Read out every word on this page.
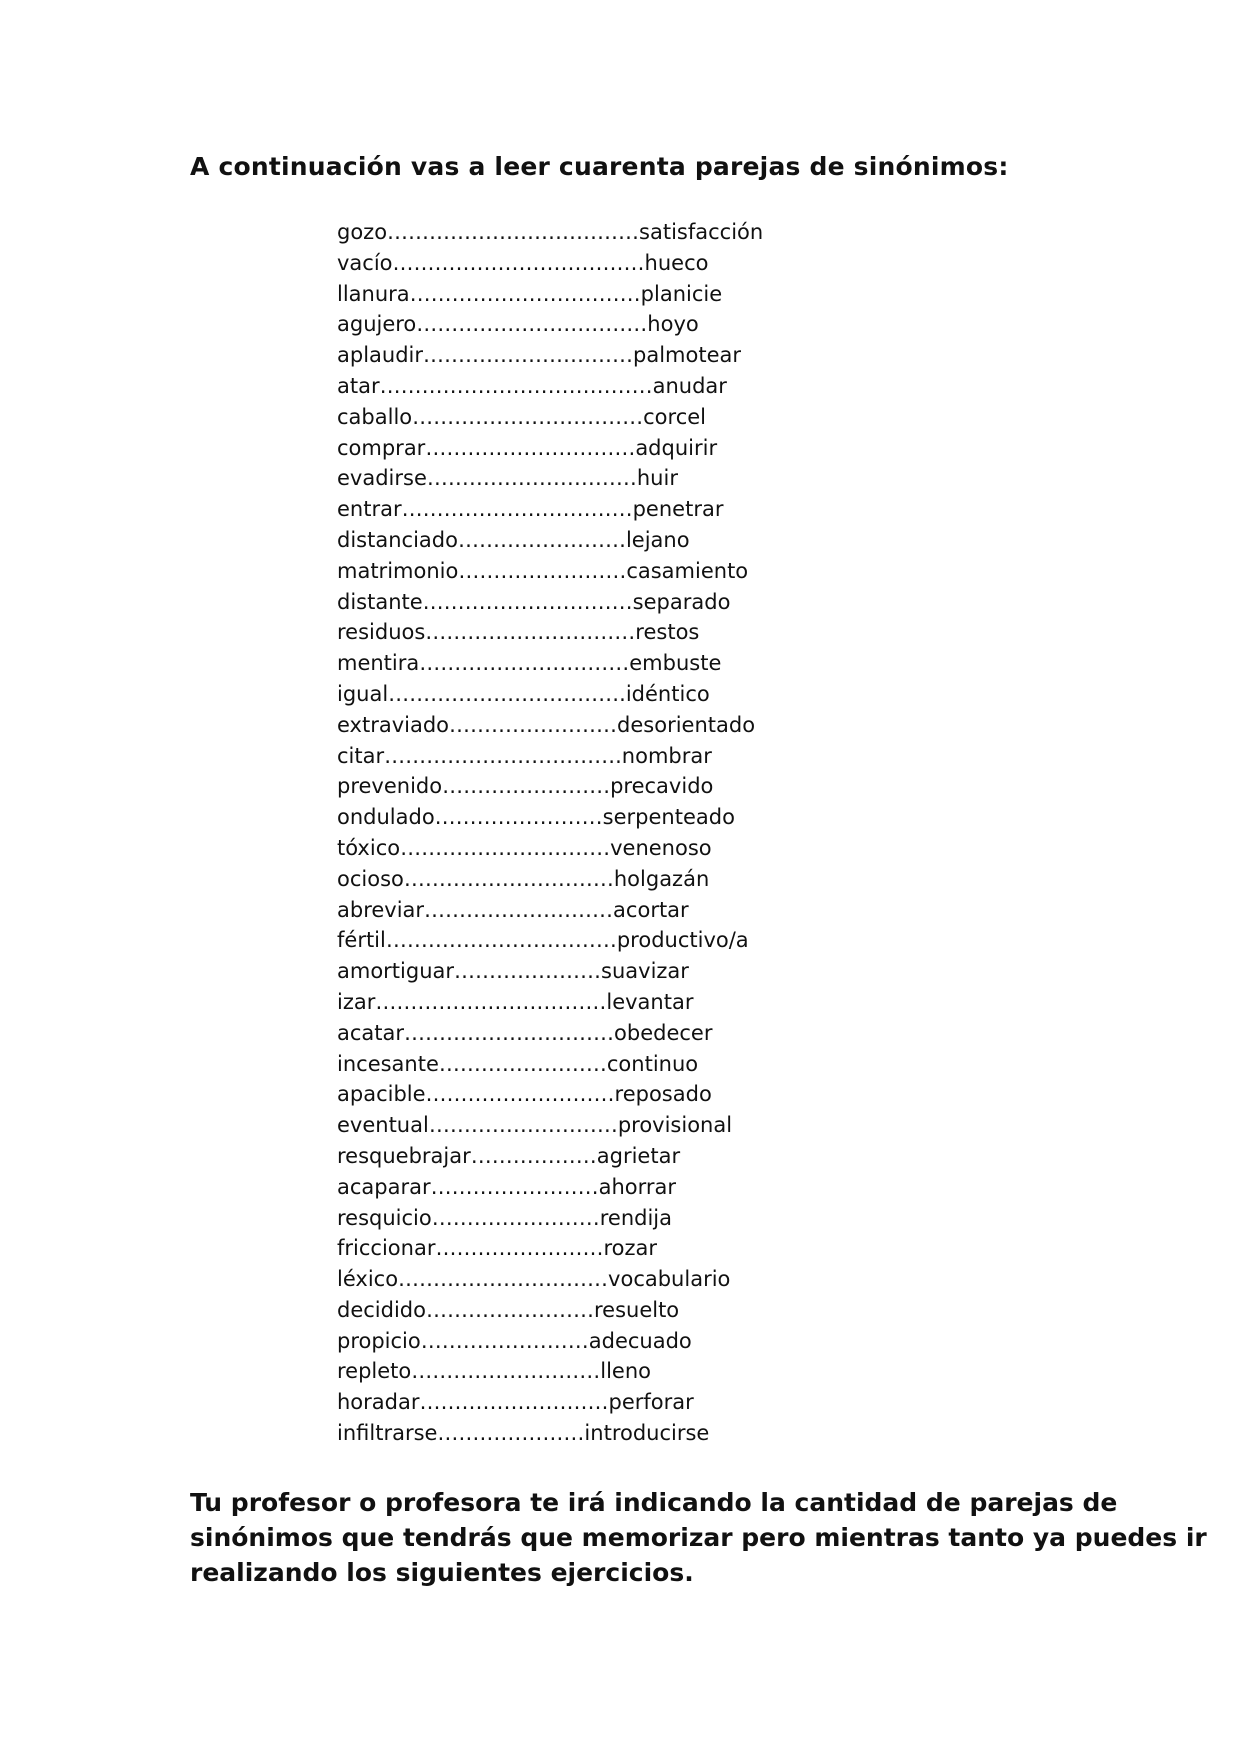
A continuación vas a leer cuarenta parejas de sinónimos:
gozo………………………………satisfacción
vacío………………………………hueco
llanura……………………………planicie
agujero……………………………hoyo
aplaudir…………………………palmotear
atar…………………………………anudar
caballo……………………………corcel
comprar…………………………adquirir
evadirse…………………………huir
entrar……………………………penetrar
distanciado……………………lejano
matrimonio……………………casamiento
distante…………………………separado
residuos…………………………restos
mentira…………………………embuste
igual…………………………….idéntico
extraviado……………………desorientado
citar…………………………….nombrar
prevenido……………………precavido
ondulado……………………serpenteado
tóxico…………………………venenoso
ocioso…………………………holgazán
abreviar………………………acortar
fértil……………………………productivo/a
amortiguar…………………suavizar
izar……………………………levantar
acatar…………………………obedecer
incesante……………………continuo
apacible………………………reposado
eventual………………………provisional
resquebrajar………………agrietar
acaparar……………………ahorrar
resquicio……………………rendija
friccionar……………………rozar
léxico…………………………vocabulario
decidido……………………resuelto
propicio……………………adecuado
repleto………………………lleno
horadar………………………perforar
infiltrarse…………………introducirse

Tu profesor o profesora te irá indicando la cantidad de parejas de
sinónimos que tendrás que memorizar pero mientras tanto ya puedes ir
realizando los siguientes ejercicios.
